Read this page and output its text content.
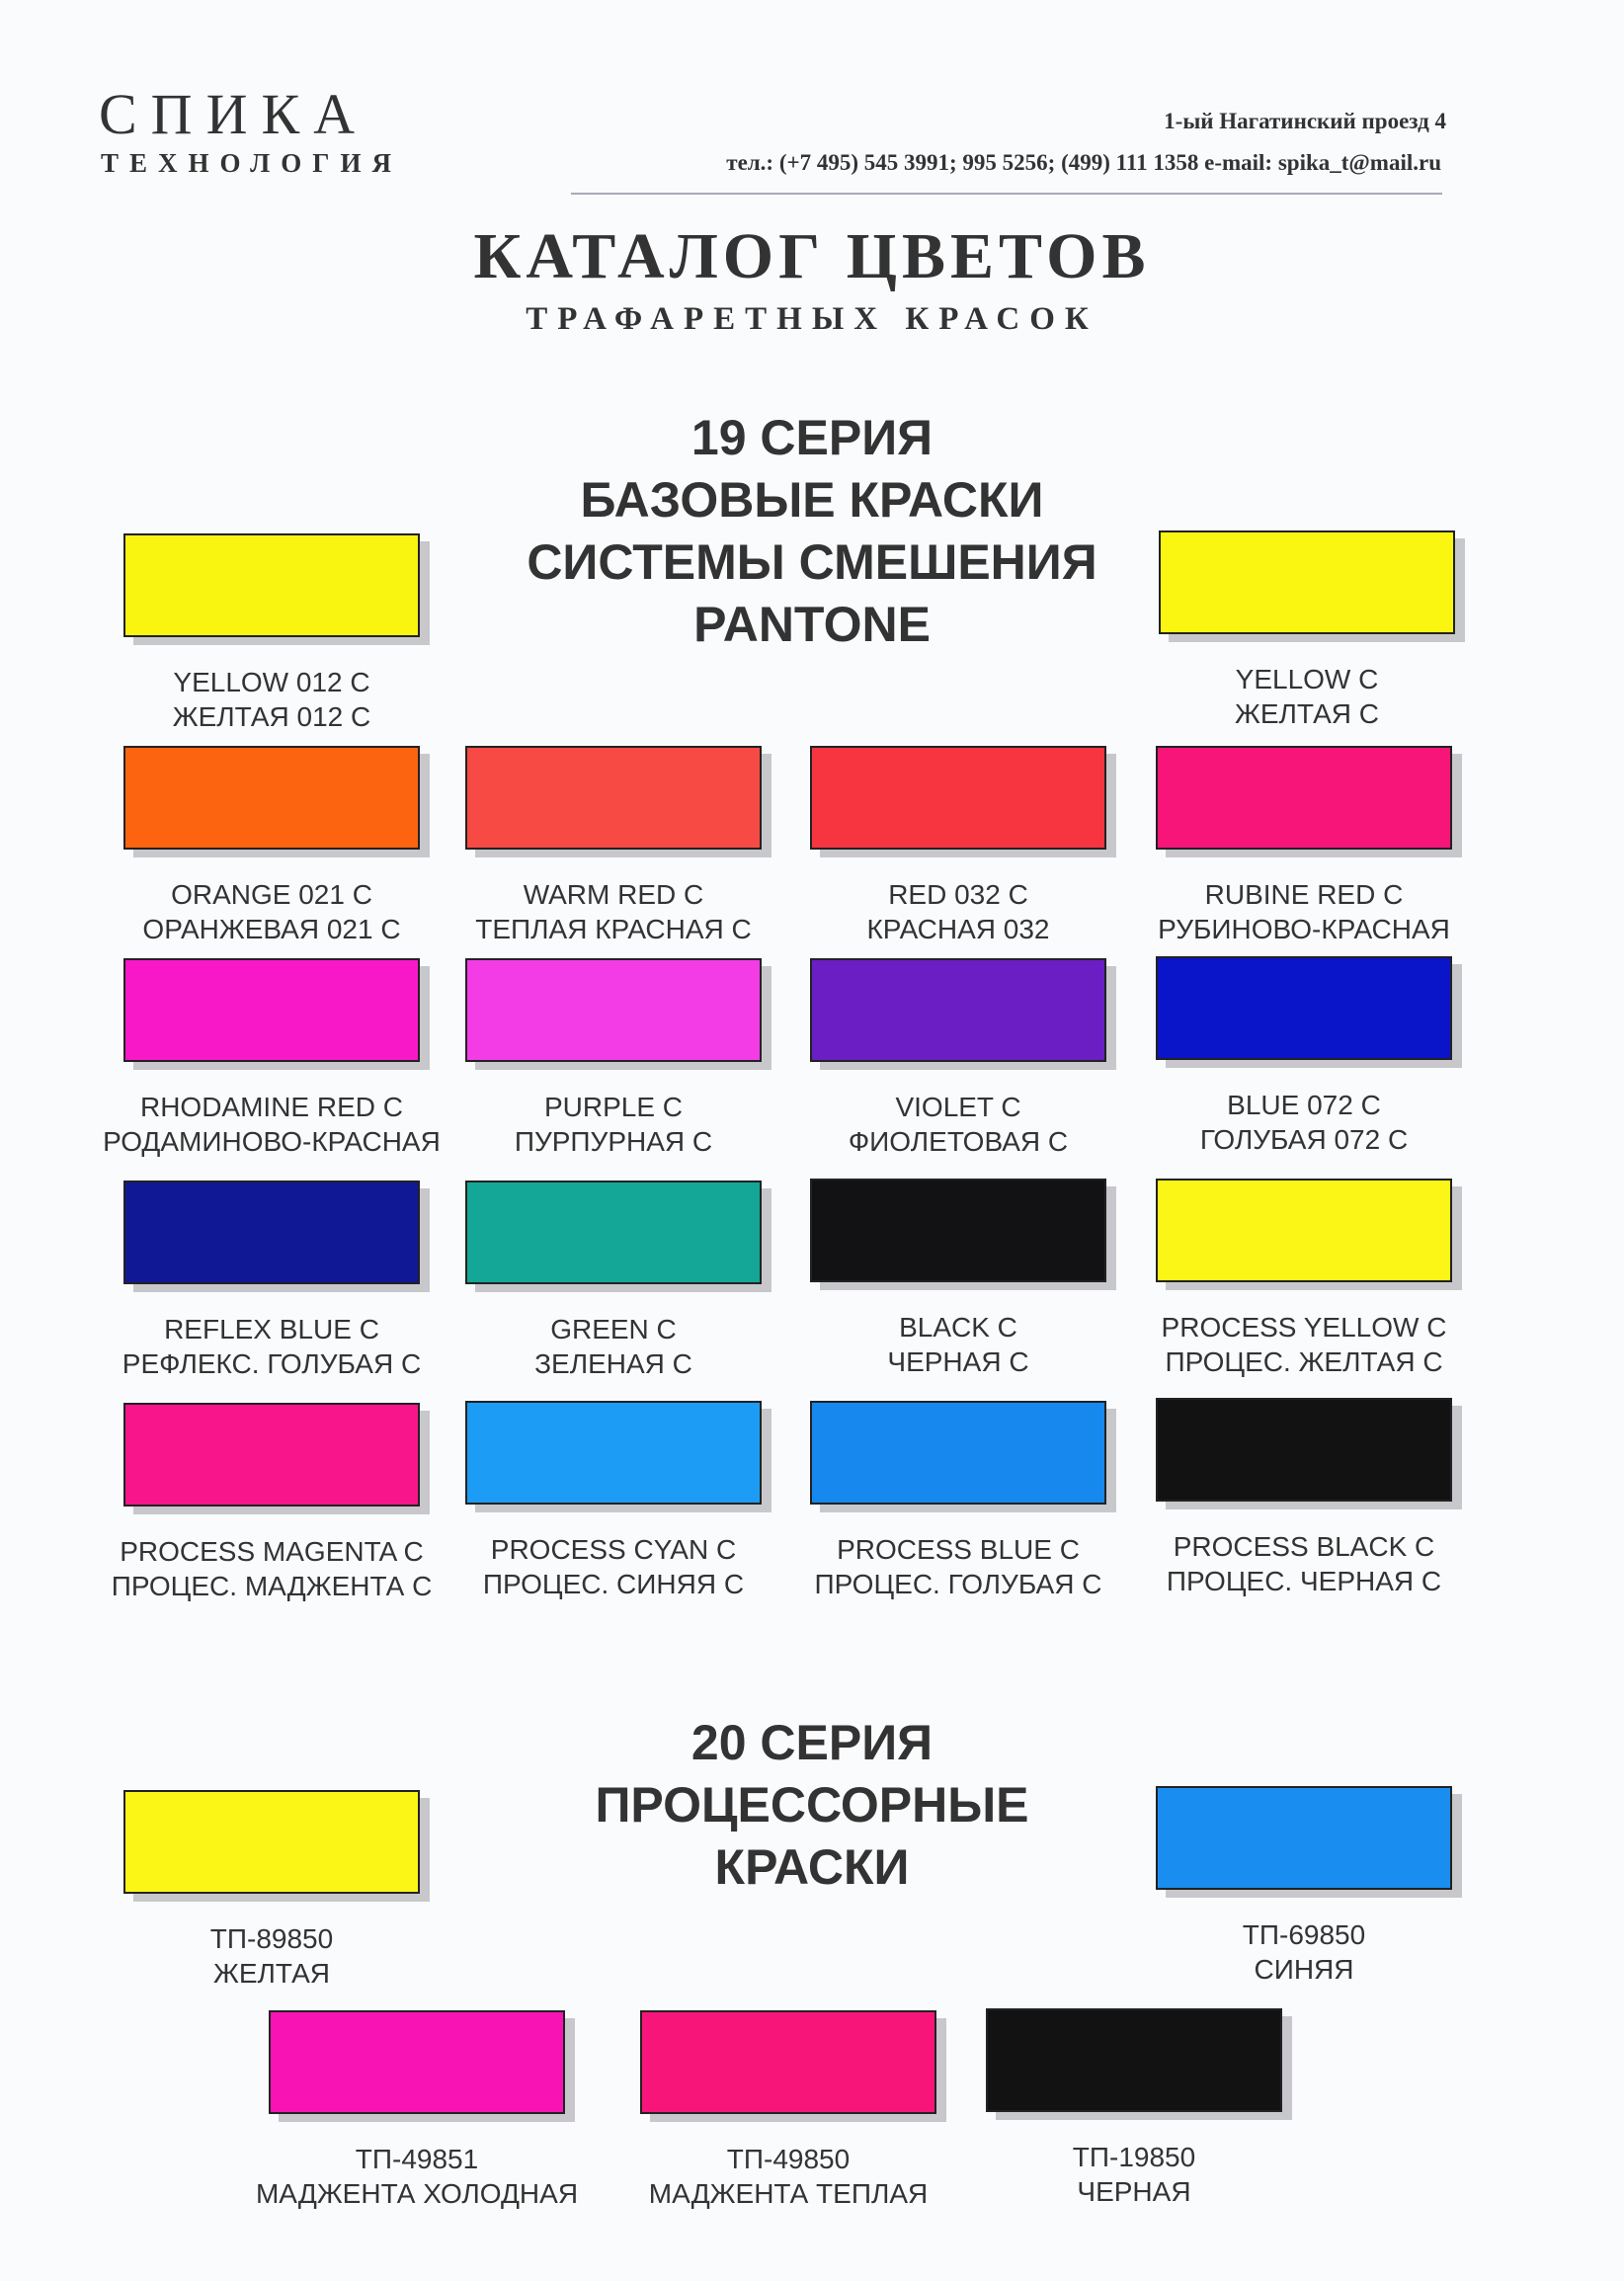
СПИКА
ТЕХНОЛОГИЯ
1-ый Нагатинский проезд 4
тел.: (+7 495) 545 3991; 995 5256; (499) 111 1358 e-mail: spika_t@mail.ru
КАТАЛОГ ЦВЕТОВ
ТРАФАРЕТНЫХ КРАСОК
19 СЕРИЯ
БАЗОВЫЕ КРАСКИ
СИСТЕМЫ СМЕШЕНИЯ
PANTONE
20 СЕРИЯ
ПРОЦЕССОРНЫЕ
КРАСКИ
YELLOW 012 C
ЖЕЛТАЯ 012 С
YELLOW C
ЖЕЛТАЯ С
ORANGE 021 C
ОРАНЖЕВАЯ 021 С
WARM RED C
ТЕПЛАЯ КРАСНАЯ С
RED 032 C
КРАСНАЯ 032
RUBINE RED C
РУБИНОВО-КРАСНАЯ
RHODAMINE RED C
РОДАМИНОВО-КРАСНАЯ
PURPLE C
ПУРПУРНАЯ С
VIOLET C
ФИОЛЕТОВАЯ С
BLUE 072 C
ГОЛУБАЯ 072 С
REFLEX BLUE C
РЕФЛЕКС. ГОЛУБАЯ С
GREEN C
ЗЕЛЕНАЯ С
BLACK C
ЧЕРНАЯ С
PROCESS YELLOW C
ПРОЦЕС. ЖЕЛТАЯ С
PROCESS MAGENTA C
ПРОЦЕС. МАДЖЕНТА С
PROCESS CYAN C
ПРОЦЕС. СИНЯЯ С
PROCESS BLUE C
ПРОЦЕС. ГОЛУБАЯ С
PROCESS BLACK C
ПРОЦЕС. ЧЕРНАЯ С
ТП-89850
ЖЕЛТАЯ
ТП-69850
СИНЯЯ
ТП-49851
МАДЖЕНТА ХОЛОДНАЯ
ТП-49850
МАДЖЕНТА ТЕПЛАЯ
ТП-19850
ЧЕРНАЯ
